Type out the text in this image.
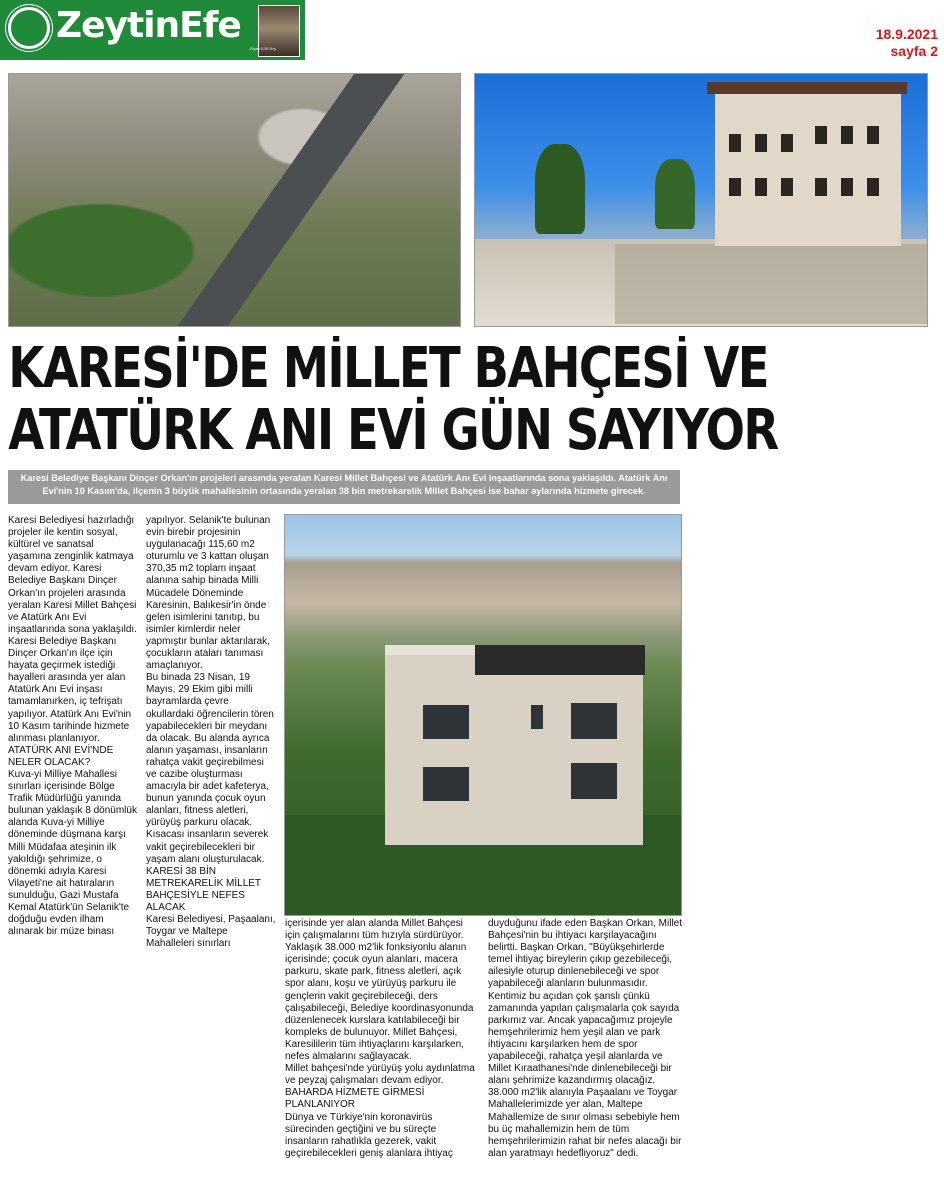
ZeytinEfe
Fiyatı 0,30 Krş
18.9.2021
sayfa 2
KARESİ'DE MİLLET BAHÇESİ VE
ATATÜRK ANI EVİ GÜN SAYIYOR
Karesi Belediye Başkanı Dinçer Orkan'ın projeleri arasında yeralan Karesi Millet Bahçesi ve Atatürk Anı Evi inşaatlarında sona yaklaşıldı. Atatürk Anı Evi'nin 10 Kasım'da, ilçenin 3 büyük mahallesinin ortasında yeralan 38 bin metrekarelik Millet Bahçesi ise bahar aylarında hizmete girecek.

Karesi Belediyesi hazırladığı projeler ile kentin sosyal, kültürel ve sanatsal yaşamına zenginlik katmaya devam ediyor. Karesi Belediye Başkanı Dinçer Orkan'ın projeleri arasında yeralan Karesi Millet Bahçesi ve Atatürk Anı Evi inşaatlarında sona yaklaşıldı. Karesi Belediye Başkanı Dinçer Orkan'ın ilçe için hayata geçirmek istediği hayalleri arasında yer alan Atatürk Anı Evi inşası tamamlanırken, iç tefrişatı yapılıyor. Atatürk Anı Evi'nin 10 Kasım tarihinde hizmete alınması planlanıyor.

ATATÜRK ANI EVİ'NDE NELER OLACAK?

Kuva-yi Milliye Mahallesi sınırları içerisinde Bölge Trafik Müdürlüğü yanında bulunan yaklaşık 8 dönümlük alanda Kuva-yi Milliye döneminde düşmana karşı Milli Müdafaa ateşinin ilk yakıldığı şehrimize, o dönemki adıyla Karesi Vilayeti'ne ait hatıraların sunulduğu, Gazi Mustafa Kemal Atatürk'ün Selanik'te doğduğu evden ilham alınarak bir müze binası

yapılıyor. Selanik'te bulunan evin birebir projesinin uygulanacağı 115,60 m2 oturumlu ve 3 kattan oluşan 370,35 m2 toplam inşaat alanına sahip binada Milli Mücadele Döneminde Karesinin, Balıkesir'in önde gelen isimlerini tanıtıp, bu isimler kimlerdir neler yapmıştır bunlar aktarılarak, çocukların ataları tanıması amaçlanıyor.

Bu binada 23 Nisan, 19 Mayıs, 29 Ekim gibi milli bayramlarda çevre okullardaki öğrencilerin tören yapabilecekleri bir meydanı da olacak. Bu alanda ayrıca alanın yaşaması, insanların rahatça vakit geçirebilmesi ve cazibe oluşturması amacıyla bir adet kafeterya, bunun yanında çocuk oyun alanları, fitness aletleri, yürüyüş parkuru olacak. Kısacası insanların severek vakit geçirebilecekleri bir yaşam alanı oluşturulacak.

KARESİ 38 BİN METREKARELİK MİLLET BAHÇESİYLE NEFES ALACAK

Karesi Belediyesi, Paşaalanı, Toygar ve Maltepe Mahalleleri sınırları

içerisinde yer alan alanda Millet Bahçesi için çalışmalarını tüm hızıyla sürdürüyor. Yaklaşık 38.000 m2'lik fonksiyonlu alanın içerisinde; çocuk oyun alanları, macera parkuru, skate park, fitness aletleri, açık spor alanı, koşu ve yürüyüş parkuru ile gençlerin vakit geçirebileceği, ders çalışabileceği, Belediye koordinasyonunda düzenlenecek kurslara katılabileceği bir kompleks de bulunuyor. Millet Bahçesi, Karesililerin tüm ihtiyaçlarını karşılarken, nefes almalarını sağlayacak.

Millet bahçesi'nde yürüyüş yolu aydınlatma ve peyzaj çalışmaları devam ediyor.

BAHARDA HİZMETE GİRMESİ PLANLANIYOR

Dünya ve Türkiye'nin koronavirüs sürecinden geçtiğini ve bu süreçte insanların rahatlıkla gezerek, vakit geçirebilecekleri geniş alanlara ihtiyaç

duyduğunu ifade eden Başkan Orkan, Millet Bahçesi'nin bu ihtiyacı karşılayacağını belirtti. Başkan Orkan, "Büyükşehirlerde temel ihtiyaç bireylerin çıkıp gezebileceği, ailesiyle oturup dinlenebileceği ve spor yapabileceği alanların bulunmasıdır. Kentimiz bu açıdan çok şanslı çünkü zamanında yapılan çalışmalarla çok sayıda parkımız var. Ancak yapacağımız projeyle hemşehrilerimiz hem yeşil alan ve park ihtiyacını karşılarken hem de spor yapabileceği, rahatça yeşil alanlarda ve Millet Kıraathanesi'nde dinlenebileceği bir alanı şehrimize kazandırmış olacağız. 38.000 m2'lik alanıyla Paşaalanı ve Toygar Mahallelerimizde yer alan, Maltepe Mahallemize de sınır olması sebebiyle hem bu üç mahallemizin hem de tüm hemşehrilerimizin rahat bir nefes alacağı bir alan yaratmayı hedefliyoruz" dedi.
